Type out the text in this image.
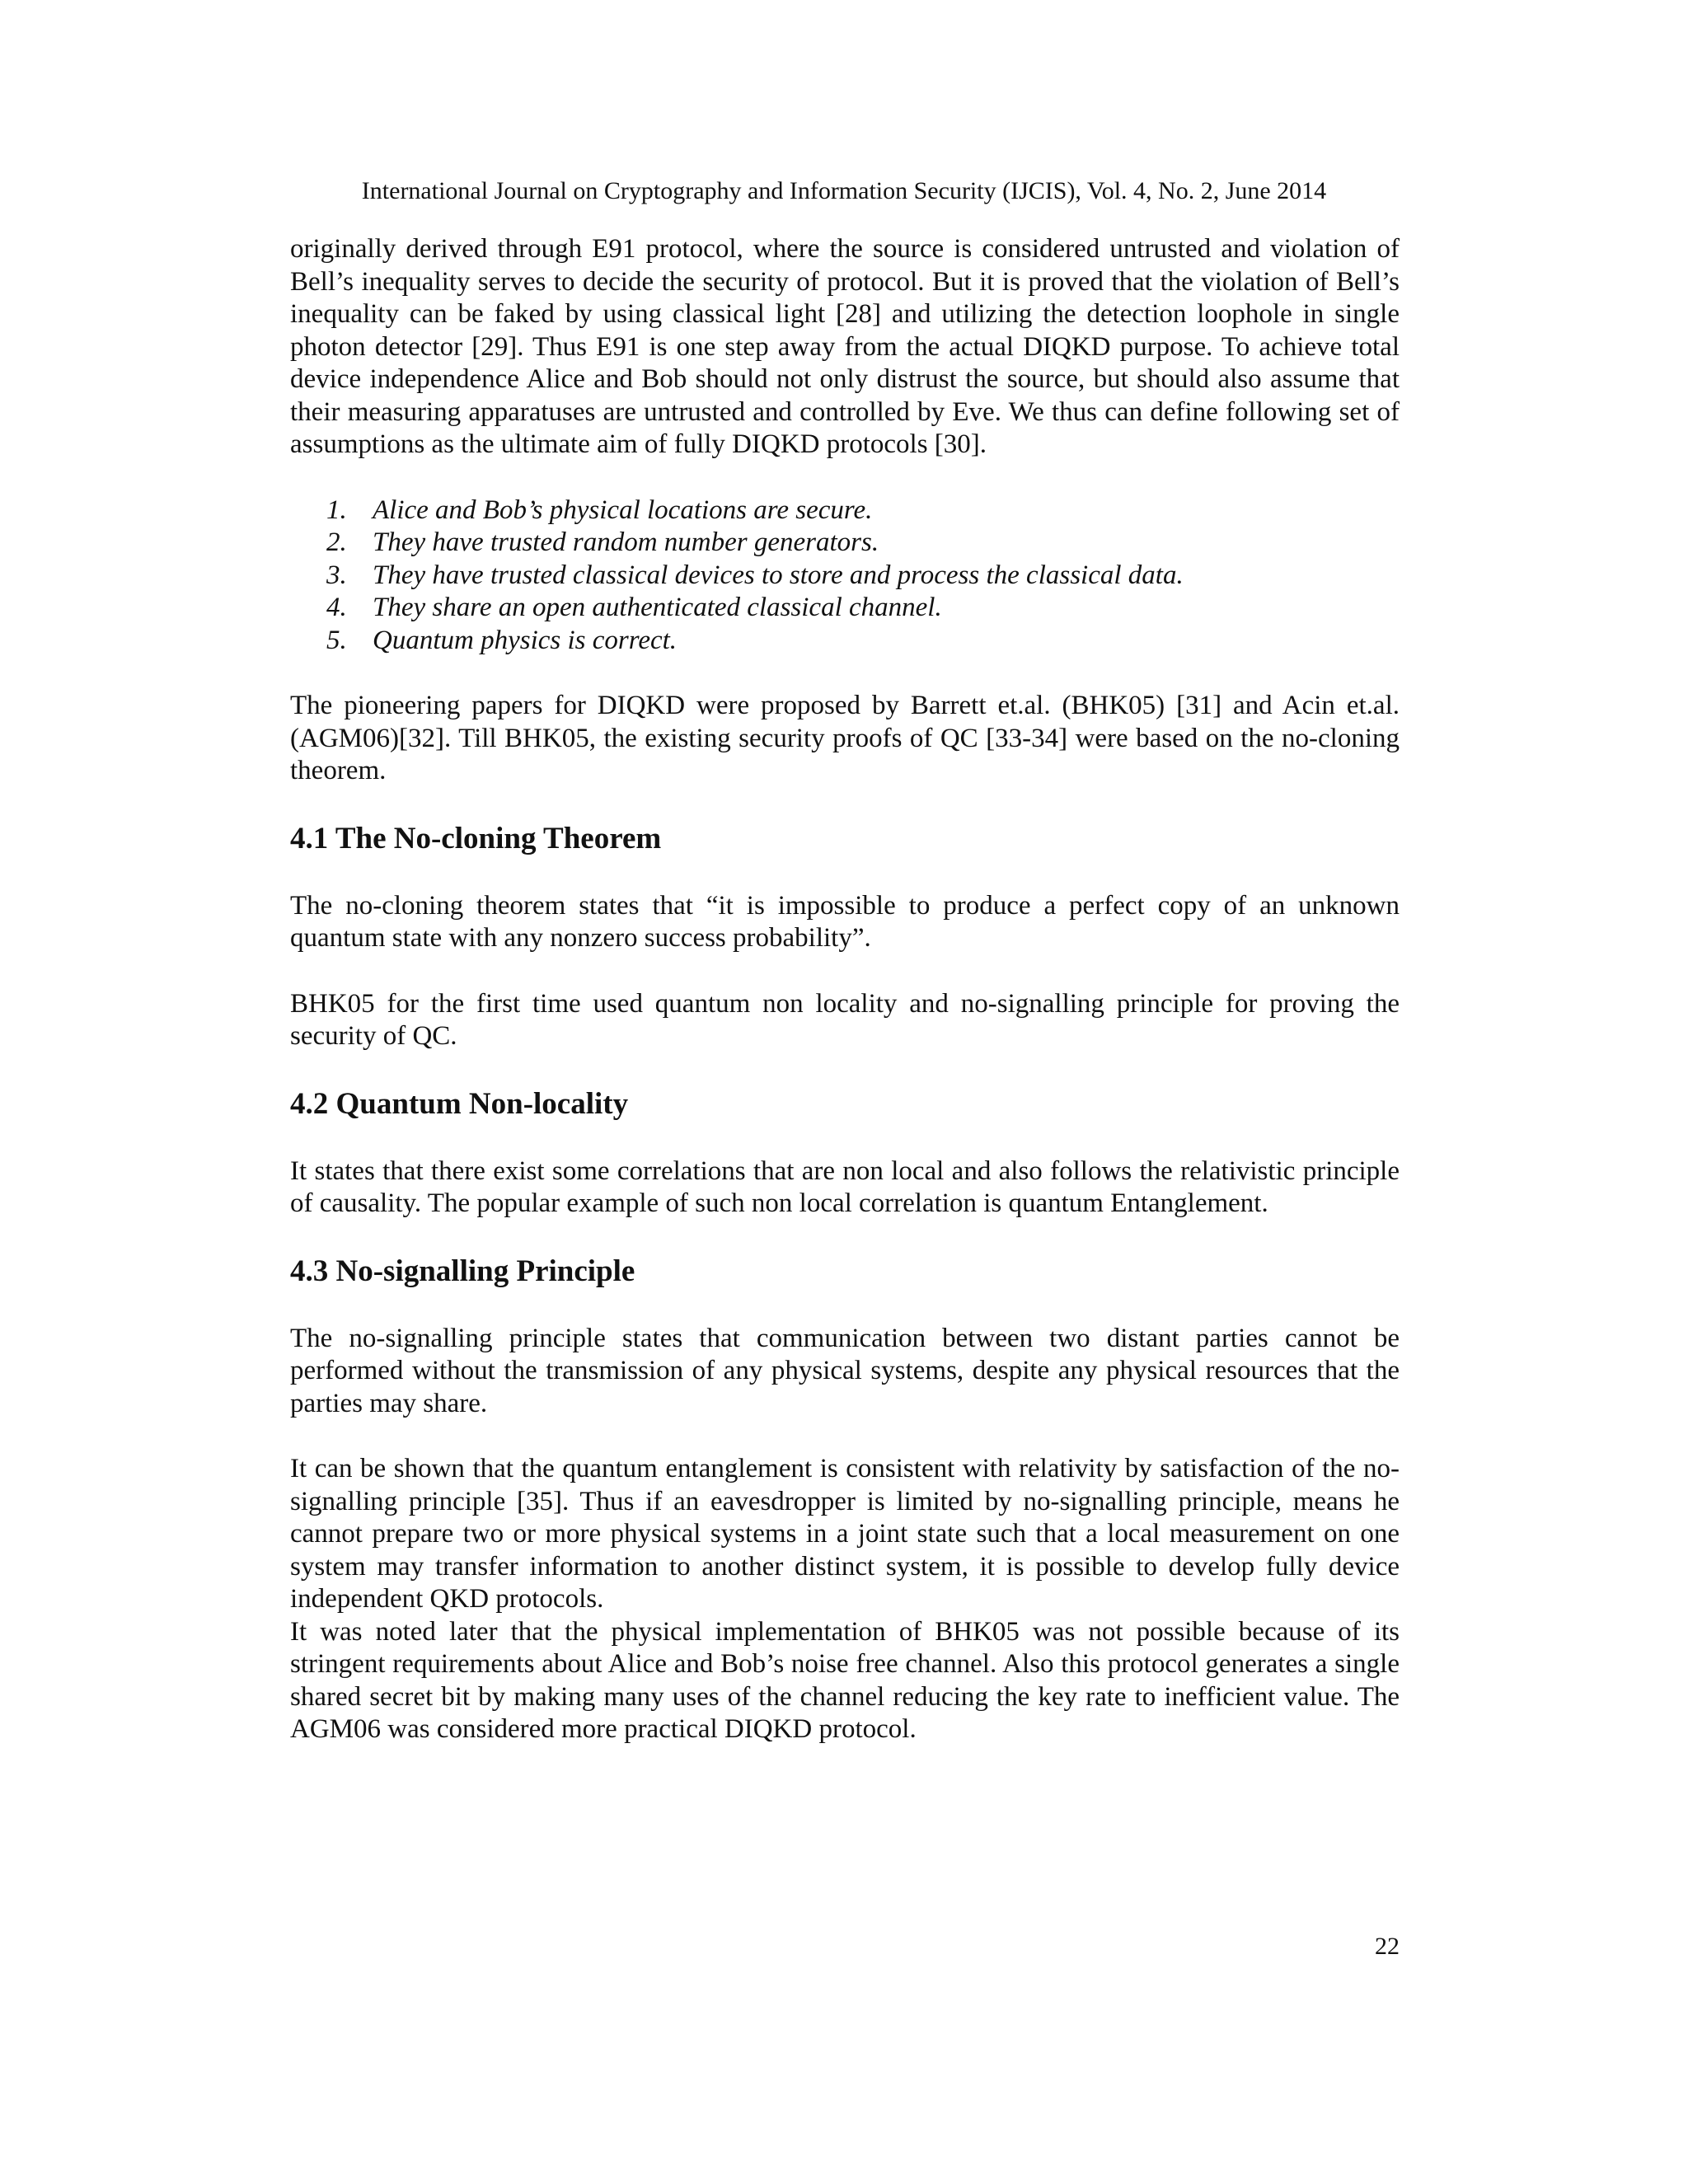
International Journal on Cryptography and Information Security (IJCIS), Vol. 4, No. 2, June 2014

originally derived through E91 protocol, where the source is considered untrusted and violation of Bell’s inequality serves to decide the security of protocol. But it is proved that the violation of Bell’s inequality can be faked by using classical light [28] and utilizing the detection loophole in single photon detector [29]. Thus E91 is one step away from the actual DIQKD purpose. To achieve total device independence Alice and Bob should not only distrust the source, but should also assume that their measuring apparatuses are untrusted and controlled by Eve. We thus can define following set of assumptions as the ultimate aim of fully DIQKD protocols [30].

1. Alice and Bob’s physical locations are secure.
2. They have trusted random number generators.
3. They have trusted classical devices to store and process the classical data.
4. They share an open authenticated classical channel.
5. Quantum physics is correct.

The pioneering papers for DIQKD were proposed by Barrett et.al. (BHK05) [31] and Acin et.al. (AGM06)[32]. Till BHK05, the existing security proofs of QC [33-34] were based on the no-cloning theorem.

4.1 The No-cloning Theorem

The no-cloning theorem states that “it is impossible to produce a perfect copy of an unknown quantum state with any nonzero success probability”.

BHK05 for the first time used quantum non locality and no-signalling principle for proving the security of QC.

4.2 Quantum Non-locality

It states that there exist some correlations that are non local and also follows the relativistic principle of causality. The popular example of such non local correlation is quantum Entanglement.

4.3 No-signalling Principle

The no-signalling principle states that communication between two distant parties cannot be performed without the transmission of any physical systems, despite any physical resources that the parties may share.

It can be shown that the quantum entanglement is consistent with relativity by satisfaction of the no-signalling principle [35]. Thus if an eavesdropper is limited by no-signalling principle, means he cannot prepare two or more physical systems in a joint state such that a local measurement on one system may transfer information to another distinct system, it is possible to develop fully device independent QKD protocols.

It was noted later that the physical implementation of BHK05 was not possible because of its stringent requirements about Alice and Bob’s noise free channel. Also this protocol generates a single shared secret bit by making many uses of the channel reducing the key rate to inefficient value. The AGM06 was considered more practical DIQKD protocol.

22
